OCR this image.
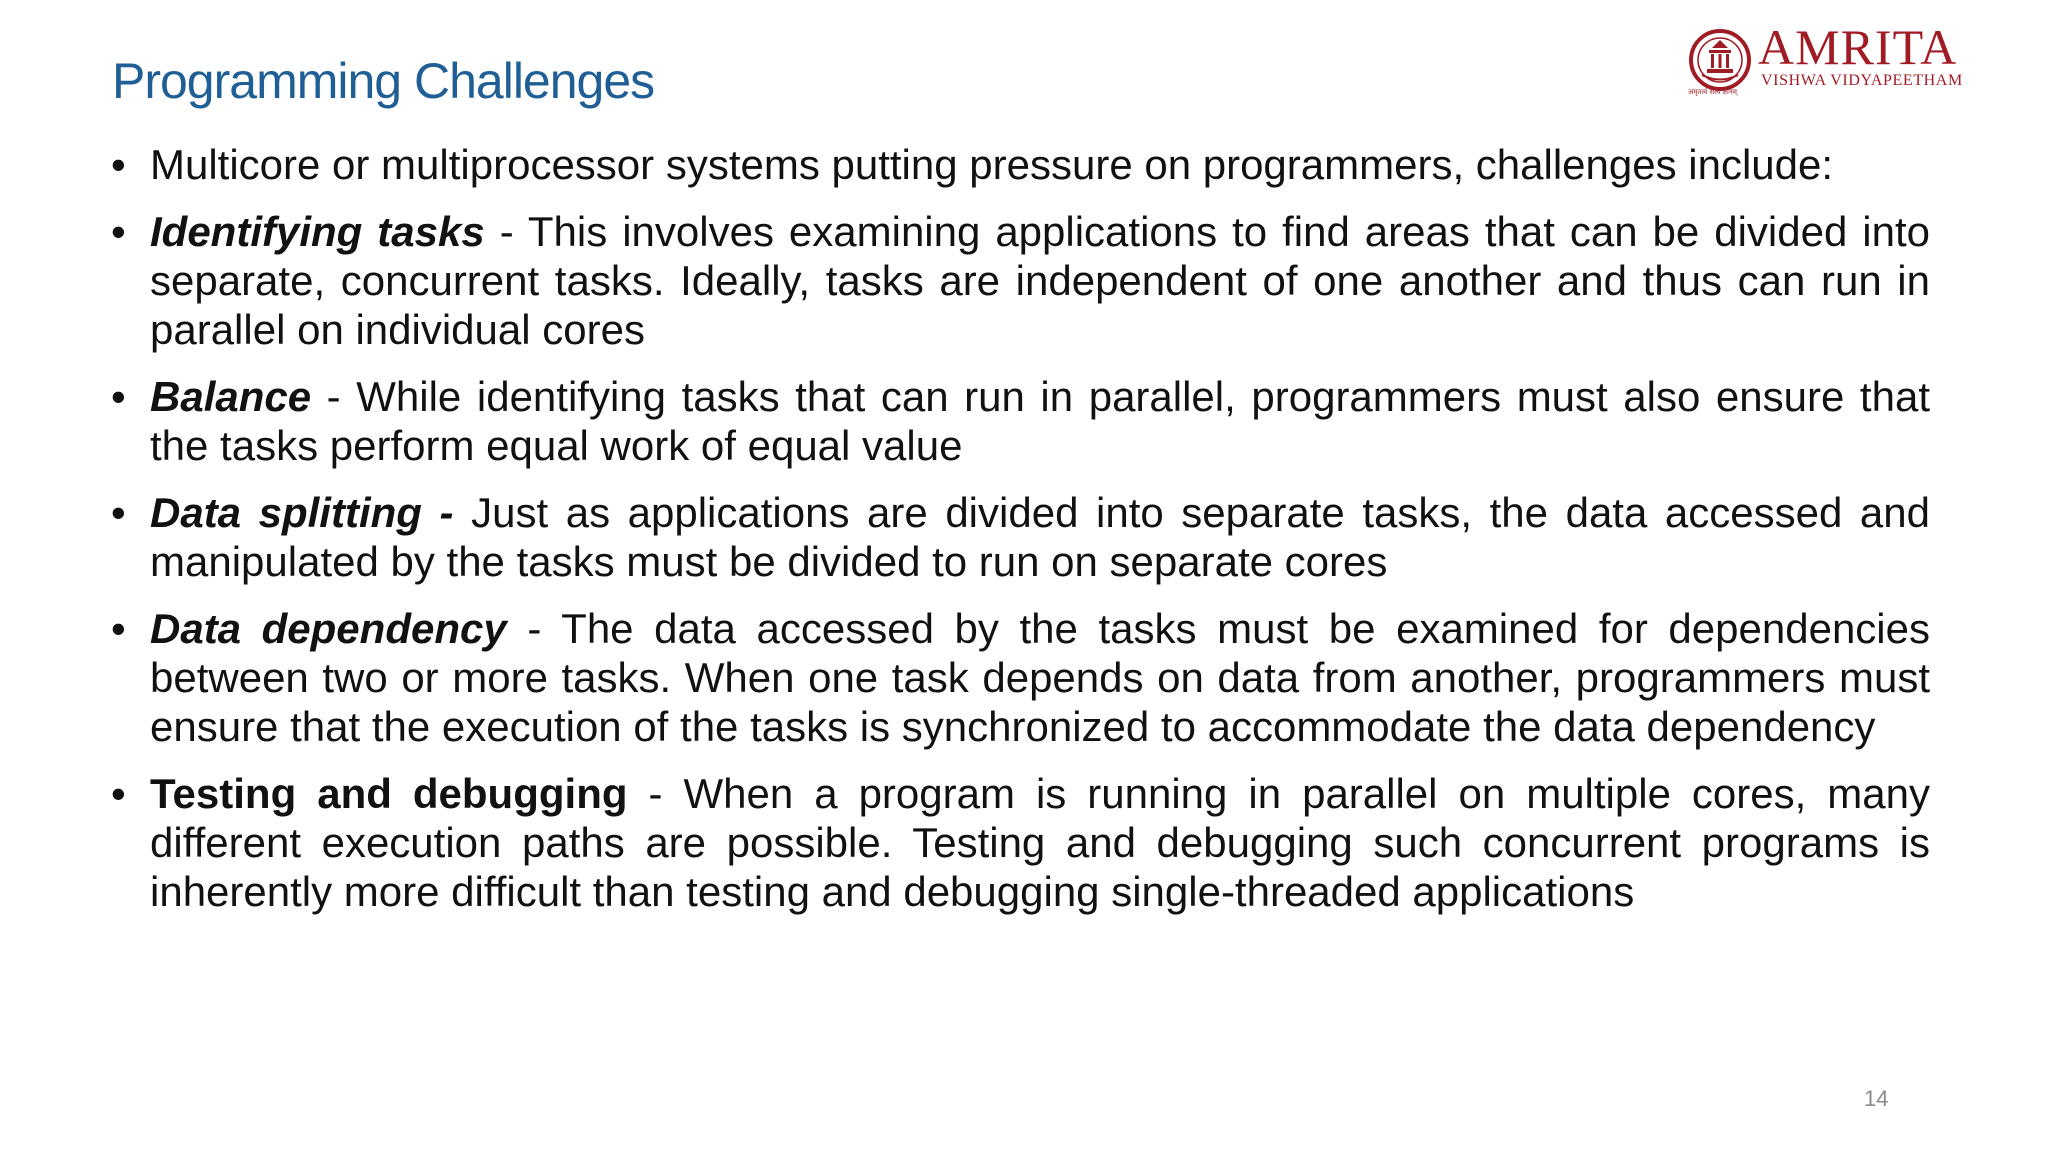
Programming Challenges
AMRITA
VISHWA VIDYAPEETHAM
अमृतत्वं सत्यं ज्ञानम्
• Multicore or multiprocessor systems putting pressure on programmers, challenges include:
• Identifying tasks - This involves examining applications to find areas that can be divided into separate, concurrent tasks. Ideally, tasks are independent of one another and thus can run in parallel on individual cores
• Balance - While identifying tasks that can run in parallel, programmers must also ensure that the tasks perform equal work of equal value
• Data splitting - Just as applications are divided into separate tasks, the data accessed and manipulated by the tasks must be divided to run on separate cores
• Data dependency - The data accessed by the tasks must be examined for dependencies between two or more tasks. When one task depends on data from another, programmers must ensure that the execution of the tasks is synchronized to accommodate the data dependency
• Testing and debugging - When a program is running in parallel on multiple cores, many different execution paths are possible. Testing and debugging such concurrent programs is inherently more difficult than testing and debugging single-threaded applications
14
